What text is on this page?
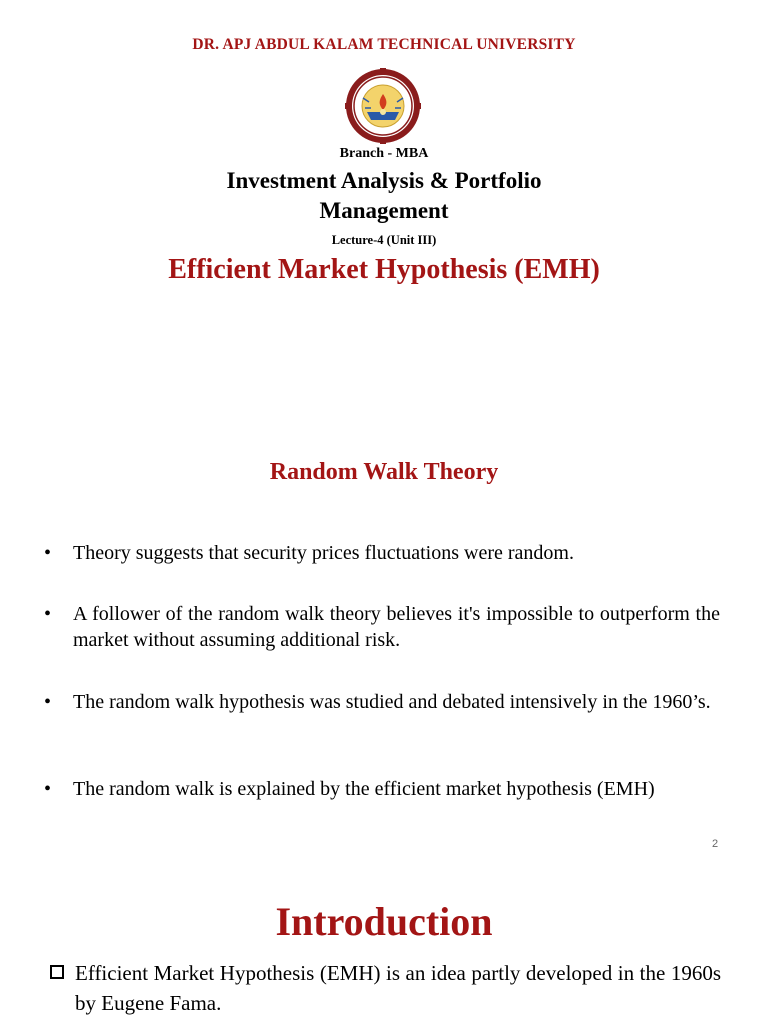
DR. APJ ABDUL KALAM TECHNICAL UNIVERSITY
Branch - MBA
Investment Analysis & Portfolio
Management
Lecture-4 (Unit III)
Efficient Market Hypothesis (EMH)
Random Walk Theory
• Theory suggests that security prices fluctuations were random.
• A follower of the random walk theory believes it's impossible to outperform the market without assuming additional risk.
• The random walk hypothesis was studied and debated intensively in the 1960’s.
• The random walk is explained by the efficient market hypothesis (EMH)
2
Introduction
Efficient Market Hypothesis (EMH) is an idea partly developed in the 1960s by Eugene Fama.
